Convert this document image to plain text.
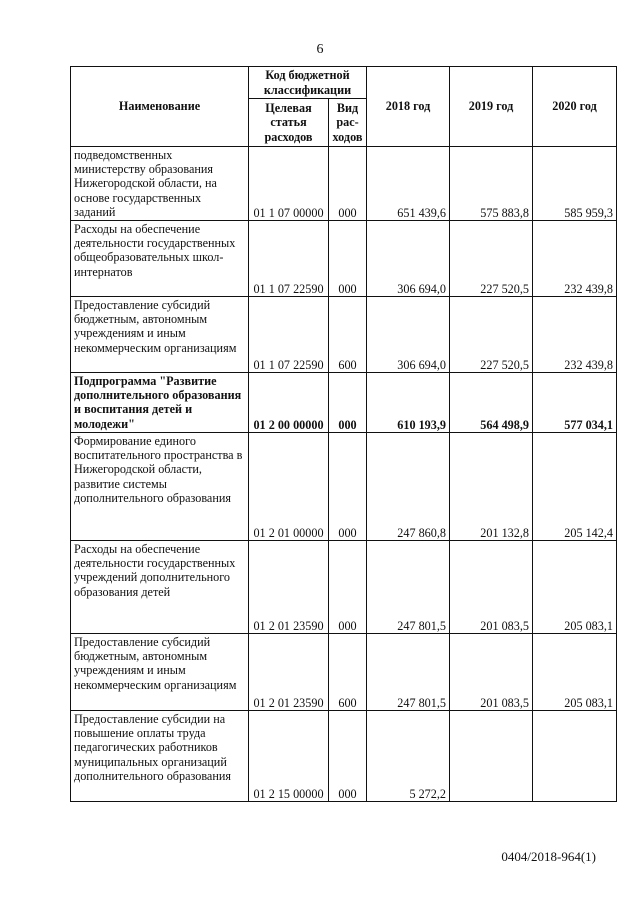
6
Наименование	Код бюджетной классификации		2018 год	2019 год	2020 год
	Целевая статья расходов	Вид рас-ходов			
подведомственных министерству образования Нижегородской области, на основе государственных заданий	01 1 07 00000	000	651 439,6	575 883,8	585 959,3
Расходы на обеспечение деятельности государственных общеобразовательных школ-интернатов	01 1 07 22590	000	306 694,0	227 520,5	232 439,8
Предоставление субсидий бюджетным, автономным учреждениям и иным некоммерческим организациям	01 1 07 22590	600	306 694,0	227 520,5	232 439,8
Подпрограмма "Развитие дополнительного образования и воспитания детей и молодежи"	01 2 00 00000	000	610 193,9	564 498,9	577 034,1
Формирование единого воспитательного пространства в Нижегородской области, развитие системы дополнительного образования	01 2 01 00000	000	247 860,8	201 132,8	205 142,4
Расходы на обеспечение деятельности государственных учреждений дополнительного образования детей	01 2 01 23590	000	247 801,5	201 083,5	205 083,1
Предоставление субсидий бюджетным, автономным учреждениям и иным некоммерческим организациям	01 2 01 23590	600	247 801,5	201 083,5	205 083,1
Предоставление субсидии на повышение оплаты труда педагогических работников муниципальных организаций дополнительного образования	01 2 15 00000	000	5 272,2		
0404/2018-964(1)
